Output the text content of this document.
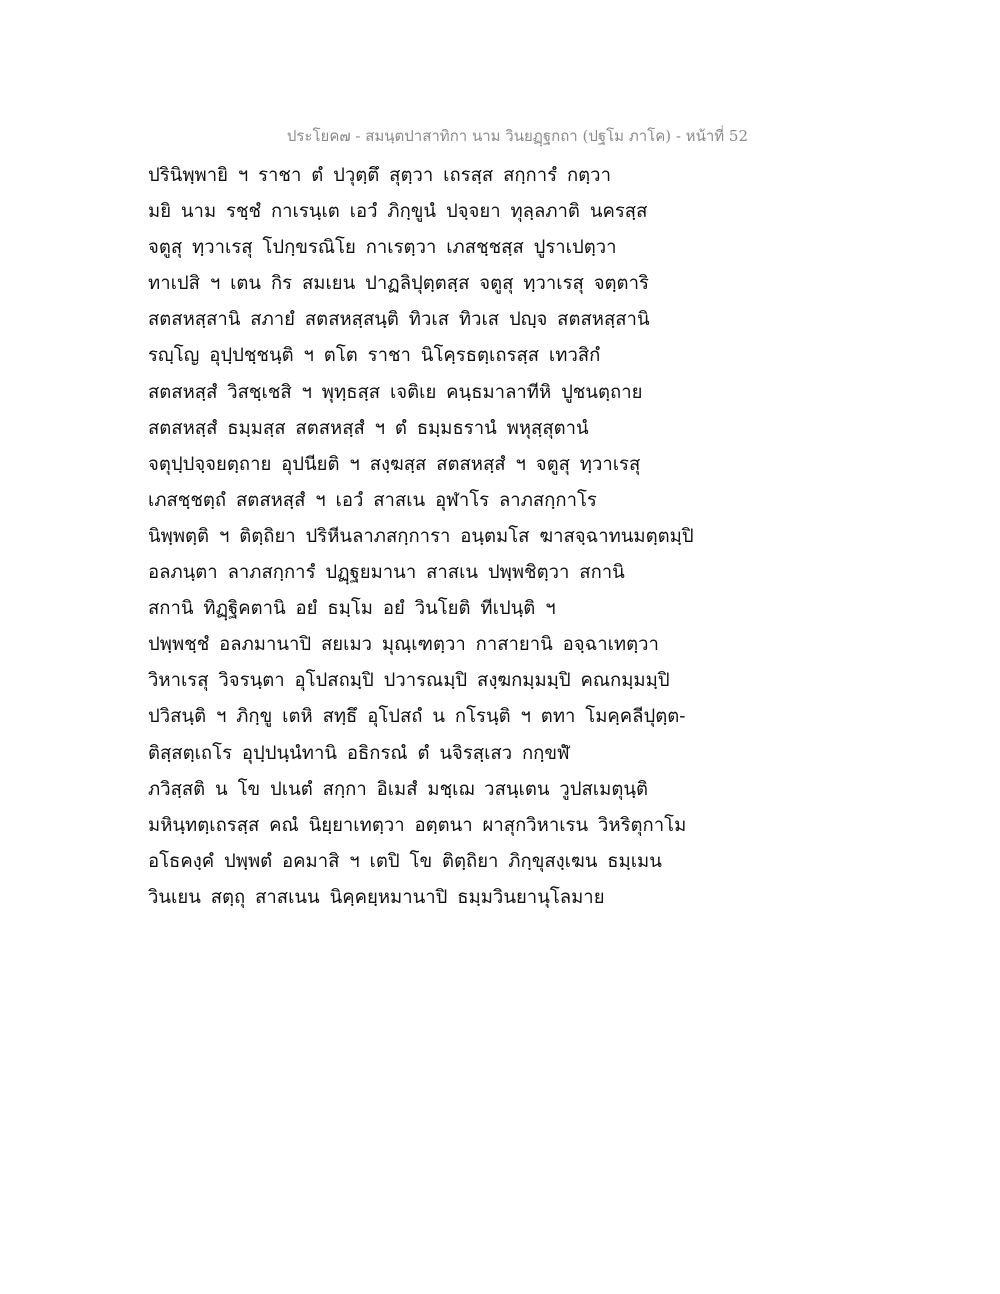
ประโยค๗ - สมนฺตปาสาทิกา นาม วินยฏฺฐกถา (ปฐโม ภาโค) - หน้าที่ 52
ปรินิพฺพายิ ฯ ราชา ตํ ปวุตฺตึ สุตฺวา เถรสฺส สกฺการํ กตฺวา
มยิ นาม รชฺชํ กาเรนฺเต เอวํ ภิกฺขูนํ ปจฺจยา ทุลฺลภาติ นครสฺส
จตูสุ ทฺวาเรสุ โปกฺขรณิโย กาเรตฺวา เภสชฺชสฺส ปูราเปตฺวา
ทาเปสิ ฯ เตน กิร สมเยน ปาฏลิปุตฺตสฺส จตูสุ ทฺวาเรสุ จตฺตาริ
สตสหสฺสานิ สภายํ สตสหสฺสนฺติ ทิวเส ทิวเส ปญฺจ สตสหสฺสานิ
รญฺโญ อุปฺปชฺชนฺติ ฯ ตโต ราชา นิโคฺรธตฺเถรสฺส เทวสิกํ
สตสหสฺสํ วิสชฺเชสิ ฯ พุทฺธสฺส เจติเย คนฺธมาลาทีหิ ปูชนตฺถาย
สตสหสฺสํ ธมฺมสฺส สตสหสฺสํ ฯ ตํ ธมฺมธรานํ พหุสฺสุตานํ
จตุปฺปจฺจยตฺถาย อุปนียติ ฯ สงฺฆสฺส สตสหสฺสํ ฯ จตูสุ ทฺวาเรสุ
เภสชฺชตฺถํ สตสหสฺสํ ฯ เอวํ สาสเน อุฬาโร ลาภสกฺกาโร
นิพฺพตฺติ ฯ ติตฺถิยา ปริหีนลาภสกฺการา อนฺตมโส ฆาสจฺฉาทนมตฺตมฺปิ
อลภนฺตา ลาภสกฺการํ ปฏฺฐยมานา สาสเน ปพฺพชิตฺวา สกานิ
สกานิ ทิฏฺฐิคตานิ อยํ ธมฺโม อยํ วินโยติ ทีเปนฺติ ฯ
ปพฺพชฺชํ อลภมานาปิ สยเมว มุณฺเฑตฺวา กาสายานิ อจฺฉาเทตฺวา
วิหาเรสุ วิจรนฺตา อุโปสถมฺปิ ปวารณมฺปิ สงฺฆกมฺมมฺปิ คณกมฺมมฺปิ
ปวิสนฺติ ฯ ภิกฺขู เตหิ สทฺธึ อุโปสถํ น กโรนฺติ ฯ ตทา โมคฺคลีปุตฺต-
ติสฺสตฺเถโร อุปฺปนฺนํทานิ อธิกรณํ ตํ นจิรสฺเสว กกฺขฬํ
ภวิสฺสติ น โข ปเนตํ สกฺกา อิเมสํ มชฺเฌ วสนฺเตน วูปสเมตุนฺติ
มหินฺทตฺเถรสฺส คณํ นิยฺยาเทตฺวา อตฺตนา ผาสุกวิหาเรน วิหริตุกาโม
อโธคงฺคํ ปพฺพตํ อคมาสิ ฯ เตปิ โข ติตฺถิยา ภิกฺขุสงฺเฆน ธมฺเมน
วินเยน สตฺถุ สาสเนน นิคฺคยฺหมานาปิ ธมฺมวินยานุโลมาย
